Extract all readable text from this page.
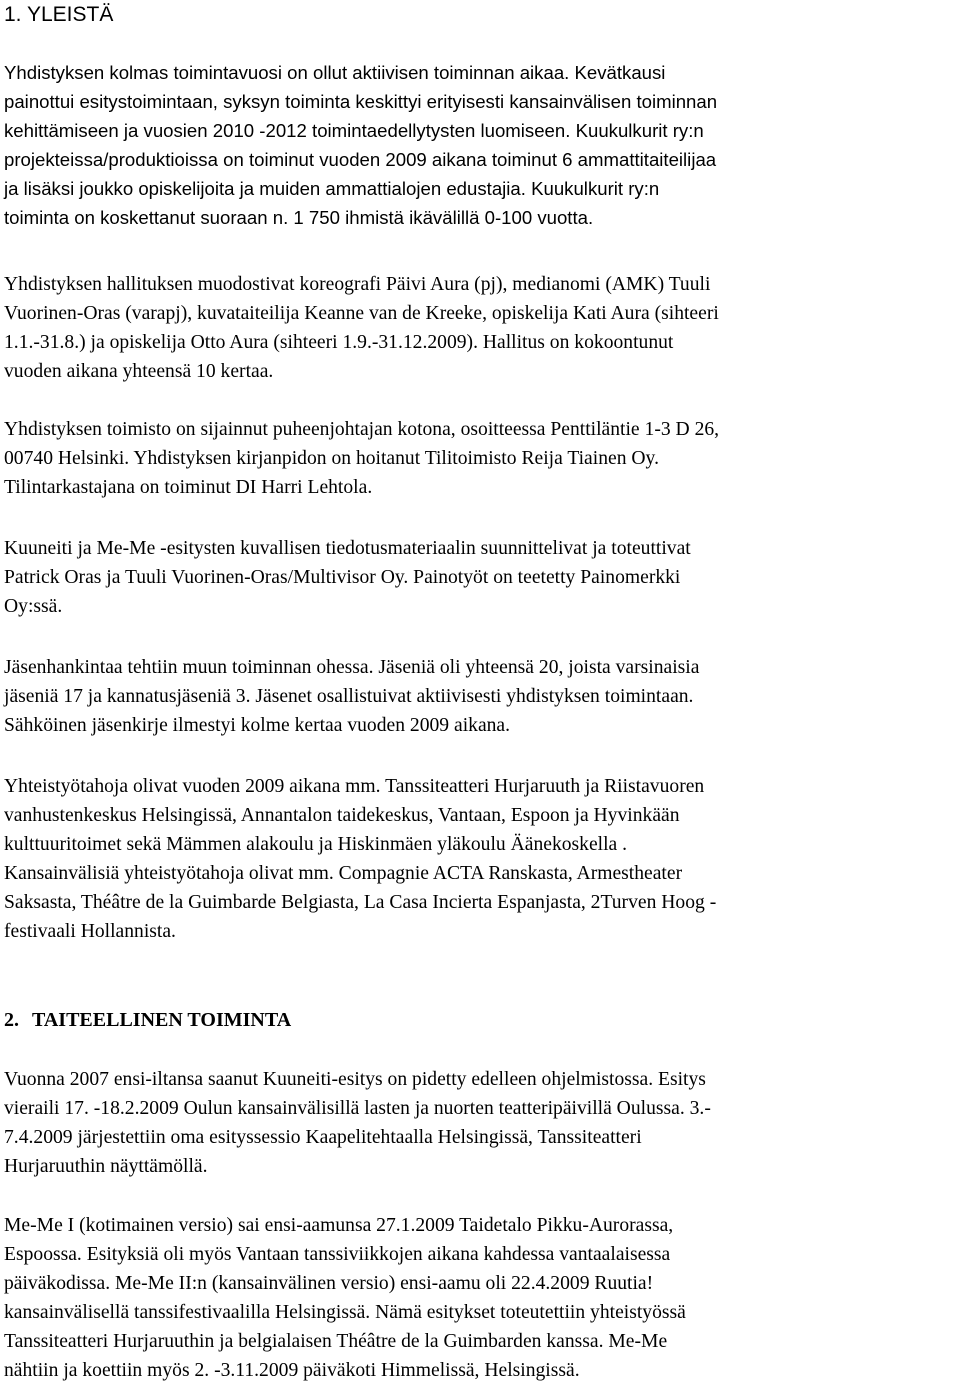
1. YLEISTÄ
Yhdistyksen kolmas toimintavuosi on ollut aktiivisen toiminnan aikaa. Kevätkausi
painottui esitystoimintaan, syksyn toiminta keskittyi erityisesti kansainvälisen toiminnan
kehittämiseen ja vuosien 2010 -2012 toimintaedellytysten luomiseen. Kuukulkurit ry:n
projekteissa/produktioissa on toiminut vuoden 2009 aikana toiminut 6 ammattitaiteilijaa
ja lisäksi joukko opiskelijoita ja muiden ammattialojen edustajia. Kuukulkurit ry:n
toiminta on koskettanut suoraan n. 1 750 ihmistä ikävälillä 0-100 vuotta.
Yhdistyksen hallituksen muodostivat koreografi Päivi Aura (pj), medianomi (AMK) Tuuli
Vuorinen-Oras (varapj), kuvataiteilija Keanne van de Kreeke, opiskelija Kati Aura (sihteeri
1.1.-31.8.) ja opiskelija Otto Aura (sihteeri 1.9.-31.12.2009). Hallitus on kokoontunut
vuoden aikana yhteensä 10 kertaa.
Yhdistyksen toimisto on sijainnut puheenjohtajan kotona, osoitteessa Penttiläntie 1-3 D 26,
00740 Helsinki. Yhdistyksen kirjanpidon on hoitanut Tilitoimisto Reija Tiainen Oy.
Tilintarkastajana on toiminut DI Harri Lehtola.
Kuuneiti ja Me-Me -esitysten kuvallisen tiedotusmateriaalin suunnittelivat ja toteuttivat
Patrick Oras ja Tuuli Vuorinen-Oras/Multivisor Oy. Painotyöt on teetetty Painomerkki
Oy:ssä.
Jäsenhankintaa tehtiin muun toiminnan ohessa. Jäseniä oli yhteensä 20, joista varsinaisia
jäseniä 17 ja kannatusjäseniä 3. Jäsenet osallistuivat aktiivisesti yhdistyksen toimintaan.
Sähköinen jäsenkirje ilmestyi kolme kertaa vuoden 2009 aikana.
Yhteistyötahoja olivat vuoden 2009 aikana mm. Tanssiteatteri Hurjaruuth ja Riistavuoren
vanhustenkeskus Helsingissä, Annantalon taidekeskus, Vantaan, Espoon ja Hyvinkään
kulttuuritoimet sekä Mämmen alakoulu ja Hiskinmäen yläkoulu Äänekoskella .
Kansainvälisiä yhteistyötahoja olivat mm. Compagnie ACTA Ranskasta, Armestheater
Saksasta, Théâtre de la Guimbarde Belgiasta, La Casa Incierta Espanjasta, 2Turven Hoog -
festivaali Hollannista.
2. TAITEELLINEN TOIMINTA
Vuonna 2007 ensi-iltansa saanut Kuuneiti-esitys on pidetty edelleen ohjelmistossa. Esitys
vieraili 17. -18.2.2009 Oulun kansainvälisillä lasten ja nuorten teatteripäivillä Oulussa. 3.-
7.4.2009 järjestettiin oma esityssessio Kaapelitehtaalla Helsingissä, Tanssiteatteri
Hurjaruuthin näyttämöllä.
Me-Me I (kotimainen versio) sai ensi-aamunsa 27.1.2009 Taidetalo Pikku-Aurorassa,
Espoossa. Esityksiä oli myös Vantaan tanssiviikkojen aikana kahdessa vantaalaisessa
päiväkodissa. Me-Me II:n (kansainvälinen versio) ensi-aamu oli 22.4.2009 Ruutia!
kansainvälisellä tanssifestivaalilla Helsingissä. Nämä esitykset toteutettiin yhteistyössä
Tanssiteatteri Hurjaruuthin ja belgialaisen Théâtre de la Guimbarden kanssa. Me-Me
nähtiin ja koettiin myös 2. -3.11.2009 päiväkoti Himmelissä, Helsingissä.
